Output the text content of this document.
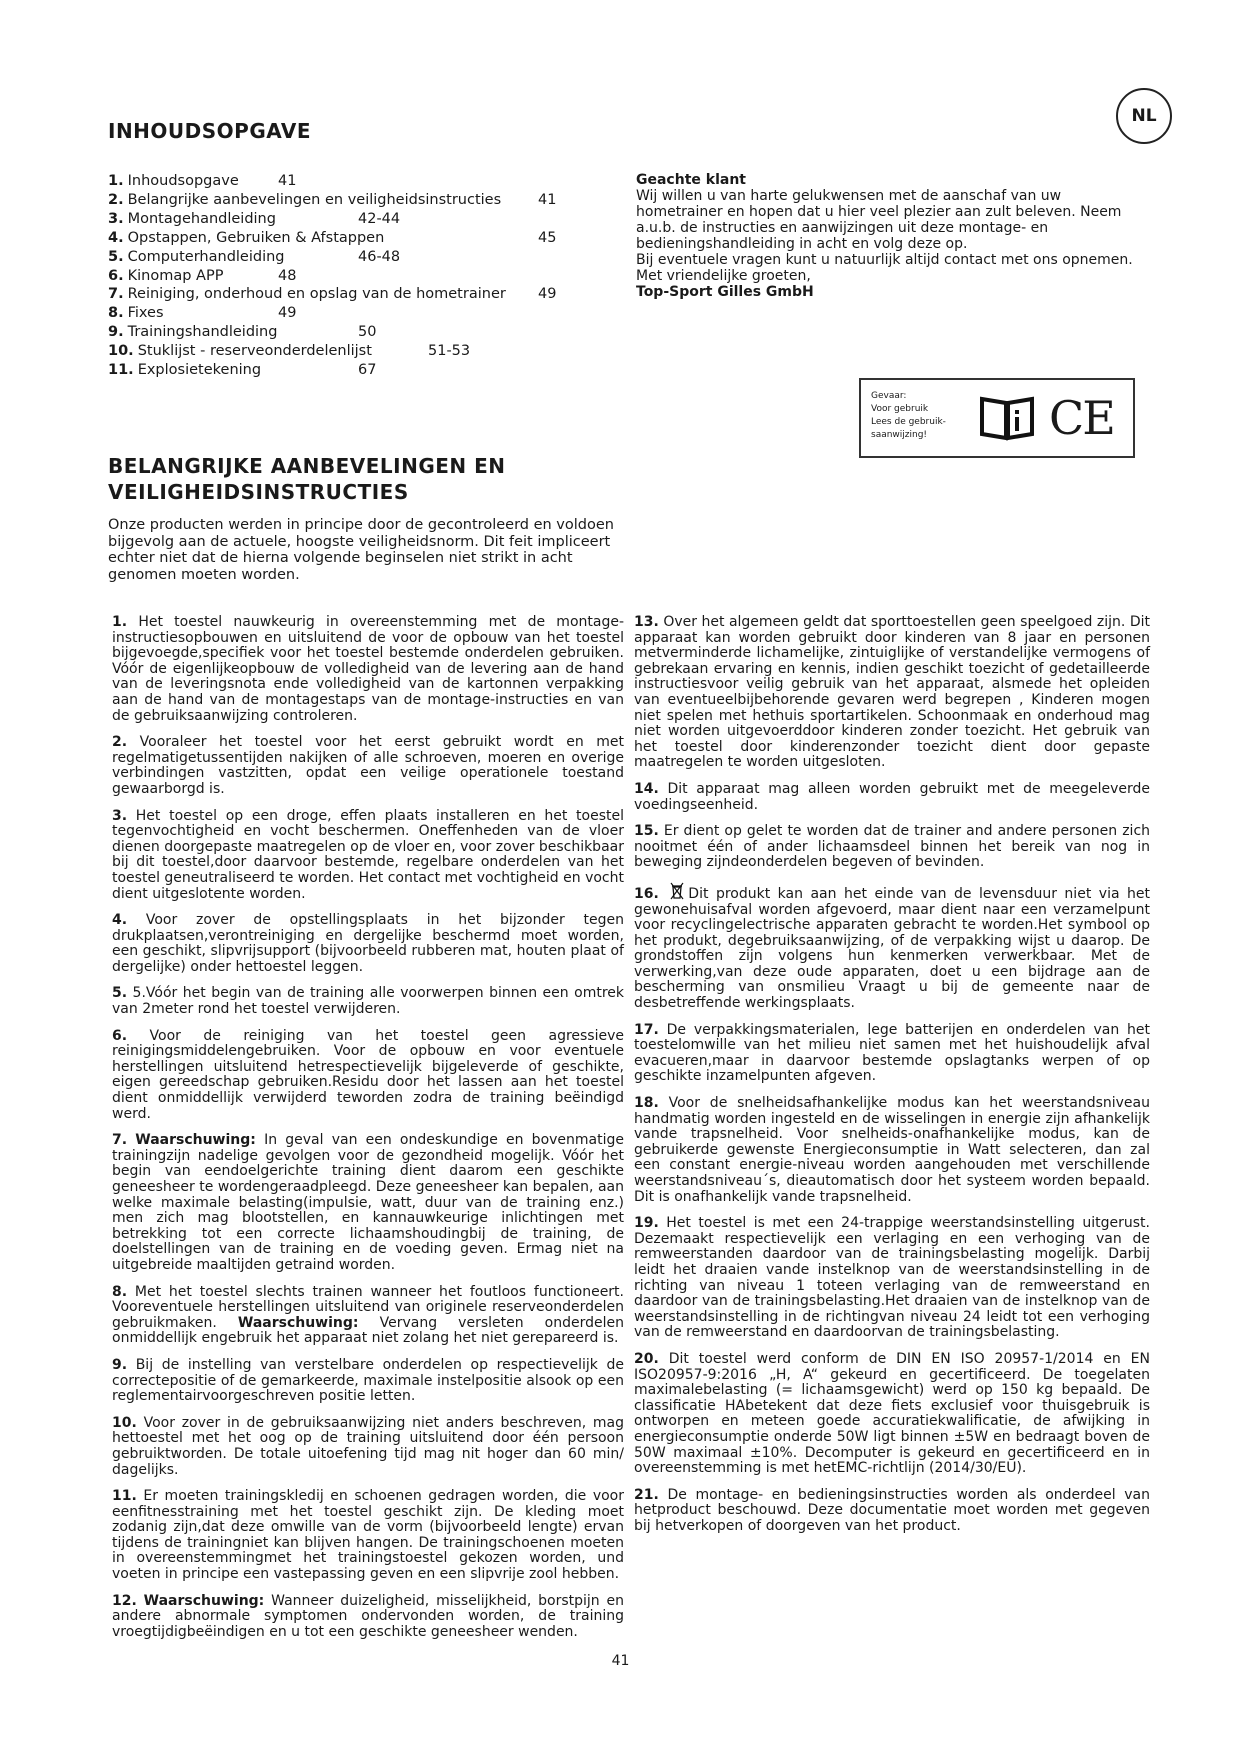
NL
INHOUDSOPGAVE
1. Inhoudsopgave	41
2. Belangrijke aanbevelingen en veiligheidsinstructies	41
3. Montagehandleiding	42-44
4. Opstappen, Gebruiken & Afstappen	45
5. Computerhandleiding	46-48
6. Kinomap APP	48
7. Reiniging, onderhoud en opslag van de hometrainer 49
8. Fixes	49
9. Trainingshandleiding	50
10. Stuklijst - reserveonderdelenlijst	51-53
11. Explosietekening	67

Geachte klant

Wij willen u van harte gelukwensen met de aanschaf van uw hometrainer en hopen dat u hier veel plezier aan zult beleven. Neem a.u.b. de instructies en aanwijzingen uit deze montage- en bedieningshandleiding in acht en volg deze op.

Bij eventuele vragen kunt u natuurlijk altijd contact met ons opnemen.

Met vriendelijke groeten,

Top-Sport Gilles GmbH

Gevaar:
Voor gebruik
Lees de gebruik-
saanwijzing!	CE
BELANGRIJKE AANBEVELINGEN EN
VEILIGHEIDSINSTRUCTIES
Onze producten werden in principe door de gecontroleerd en voldoen bijgevolg aan de actuele, hoogste veiligheidsnorm. Dit feit impliceert echter niet dat de hierna volgende beginselen niet strikt in acht genomen moeten worden.

1. Het toestel nauwkeurig in overeenstemming met de montage-instructiesopbouwen en uitsluitend de voor de opbouw van het toestel bijgevoegde,specifiek voor het toestel bestemde onderdelen gebruiken. Vóór de eigenlijkeopbouw de volledigheid van de levering aan de hand van de leveringsnota ende volledigheid van de kartonnen verpakking aan de hand van de montagestaps van de montage-instructies en van de gebruiksaanwijzing controleren.

2. Vooraleer het toestel voor het eerst gebruikt wordt en met regelmatigetussentijden nakijken of alle schroeven, moeren en overige verbindingen vastzitten, opdat een veilige operationele toestand gewaarborgd is.

3. Het toestel op een droge, effen plaats installeren en het toestel tegenvochtigheid en vocht beschermen. Oneffenheden van de vloer dienen doorgepaste maatregelen op de vloer en, voor zover beschikbaar bij dit toestel,door daarvoor bestemde, regelbare onderdelen van het toestel geneutraliseerd te worden. Het contact met vochtigheid en vocht dient uitgeslotente worden.

4. Voor zover de opstellingsplaats in het bijzonder tegen drukplaatsen,verontreiniging en dergelijke beschermd moet worden, een geschikt, slipvrijsupport (bijvoorbeeld rubberen mat, houten plaat of dergelijke) onder hettoestel leggen.

5. 5.Vóór het begin van de training alle voorwerpen binnen een omtrek van 2meter rond het toestel verwijderen.

6. Voor de reiniging van het toestel geen agressieve reinigingsmiddelengebruiken. Voor de opbouw en voor eventuele herstellingen uitsluitend hetrespectievelijk bijgeleverde of geschikte, eigen gereedschap gebruiken.Residu door het lassen aan het toestel dient onmiddellijk verwijderd teworden zodra de training beëindigd werd.

7. Waarschuwing: In geval van een ondeskundige en bovenmatige trainingzijn nadelige gevolgen voor de gezondheid mogelijk. Vóór het begin van eendoelgerichte training dient daarom een geschikte geneesheer te wordengeraadpleegd. Deze geneesheer kan bepalen, aan welke maximale belasting(impulsie, watt, duur van de training enz.) men zich mag blootstellen, en kannauwkeurige inlichtingen met betrekking tot een correcte lichaamshoudingbij de training, de doelstellingen van de training en de voeding geven. Ermag niet na uitgebreide maaltijden getraind worden.

8. Met het toestel slechts trainen wanneer het foutloos functioneert. Vooreventuele herstellingen uitsluitend van originele reserveonderdelen gebruikmaken. Waarschuwing: Vervang versleten onderdelen onmiddellijk engebruik het apparaat niet zolang het niet gerepareerd is.

9. Bij de instelling van verstelbare onderdelen op respectievelijk de correctepositie of de gemarkeerde, maximale instelpositie alsook op een reglementairvoorgeschreven positie letten.

10. Voor zover in de gebruiksaanwijzing niet anders beschreven, mag hettoestel met het oog op de training uitsluitend door één persoon gebruiktworden. De totale uitoefening tijd mag nit hoger dan 60 min/ dagelijks.

11. Er moeten trainingskledij en schoenen gedragen worden, die voor eenfitnesstraining met het toestel geschikt zijn. De kleding moet zodanig zijn,dat deze omwille van de vorm (bijvoorbeeld lengte) ervan tijdens de trainingniet kan blijven hangen. De trainingschoenen moeten in overeenstemmingmet het trainingstoestel gekozen worden, und voeten in principe een vastepassing geven en een slipvrije zool hebben.

12. Waarschuwing: Wanneer duizeligheid, misselijkheid, borstpijn en andere abnormale symptomen ondervonden worden, de training vroegtijdigbeëindigen en u tot een geschikte geneesheer wenden.

13. Over het algemeen geldt dat sporttoestellen geen speelgoed zijn. Dit apparaat kan worden gebruikt door kinderen van 8 jaar en personen metverminderde lichamelijke, zintuiglijke of verstandelijke vermogens of gebrekaan ervaring en kennis, indien geschikt toezicht of gedetailleerde instructiesvoor veilig gebruik van het apparaat, alsmede het opleiden van eventueelbijbehorende gevaren werd begrepen , Kinderen mogen niet spelen met hethuis sportartikelen. Schoonmaak en onderhoud mag niet worden uitgevoerddoor kinderen zonder toezicht. Het gebruik van het toestel door kinderenzonder toezicht dient door gepaste maatregelen te worden uitgesloten.

14. Dit apparaat mag alleen worden gebruikt met de meegeleverde voedingseenheid.

15. Er dient op gelet te worden dat de trainer and andere personen zich nooitmet één of ander lichaamsdeel binnen het bereik van nog in beweging zijndeonderdelen begeven of bevinden.

16. Dit produkt kan aan het einde van de levensduur niet via het gewonehuisafval worden afgevoerd, maar dient naar een verzamelpunt voor recyclingelectrische apparaten gebracht te worden.Het symbool op het produkt, degebruiksaanwijzing, of de verpakking wijst u daarop. De grondstoffen zijn volgens hun kenmerken verwerkbaar. Met de verwerking,van deze oude apparaten, doet u een bijdrage aan de bescherming van onsmilieu Vraagt u bij de gemeente naar de desbetreffende werkingsplaats.

17. De verpakkingsmaterialen, lege batterijen en onderdelen van het toestelomwille van het milieu niet samen met het huishoudelijk afval evacueren,maar in daarvoor bestemde opslagtanks werpen of op geschikte inzamelpunten afgeven.

18. Voor de snelheidsafhankelijke modus kan het weerstandsniveau handmatig worden ingesteld en de wisselingen in energie zijn afhankelijk vande trapsnelheid. Voor snelheids-onafhankelijke modus, kan de gebruikerde gewenste Energieconsumptie in Watt selecteren, dan zal een constant energie-niveau worden aangehouden met verschillende weerstandsniveau´s, dieautomatisch door het systeem worden bepaald. Dit is onafhankelijk vande trapsnelheid.

19. Het toestel is met een 24-trappige weerstandsinstelling uitgerust. Dezemaakt respectievelijk een verlaging en een verhoging van de remweerstanden daardoor van de trainingsbelasting mogelijk. Darbij leidt het draaien vande instelknop van de weerstandsinstelling in de richting van niveau 1 toteen verlaging van de remweerstand en daardoor van de trainingsbelasting.Het draaien van de instelknop van de weerstandsinstelling in de richtingvan niveau 24 leidt tot een verhoging van de remweerstand en daardoorvan de trainingsbelasting.

20. Dit toestel werd conform de DIN EN ISO 20957-1/2014 en EN ISO20957-9:2016 „H, A“ gekeurd en gecertificeerd. De toegelaten maximalebelasting (= lichaamsgewicht) werd op 150 kg bepaald. De classificatie HAbetekent dat deze fiets exclusief voor thuisgebruik is ontworpen en meteen goede accuratiekwalificatie, de afwijking in energieconsumptie onderde 50W ligt binnen ±5W en bedraagt boven de 50W maximaal ±10%. Decomputer is gekeurd en gecertificeerd en in overeenstemming is met hetEMC-richtlijn (2014/30/EU).

21. De montage- en bedieningsinstructies worden als onderdeel van hetproduct beschouwd. Deze documentatie moet worden met gegeven bij hetverkopen of doorgeven van het product.

41
